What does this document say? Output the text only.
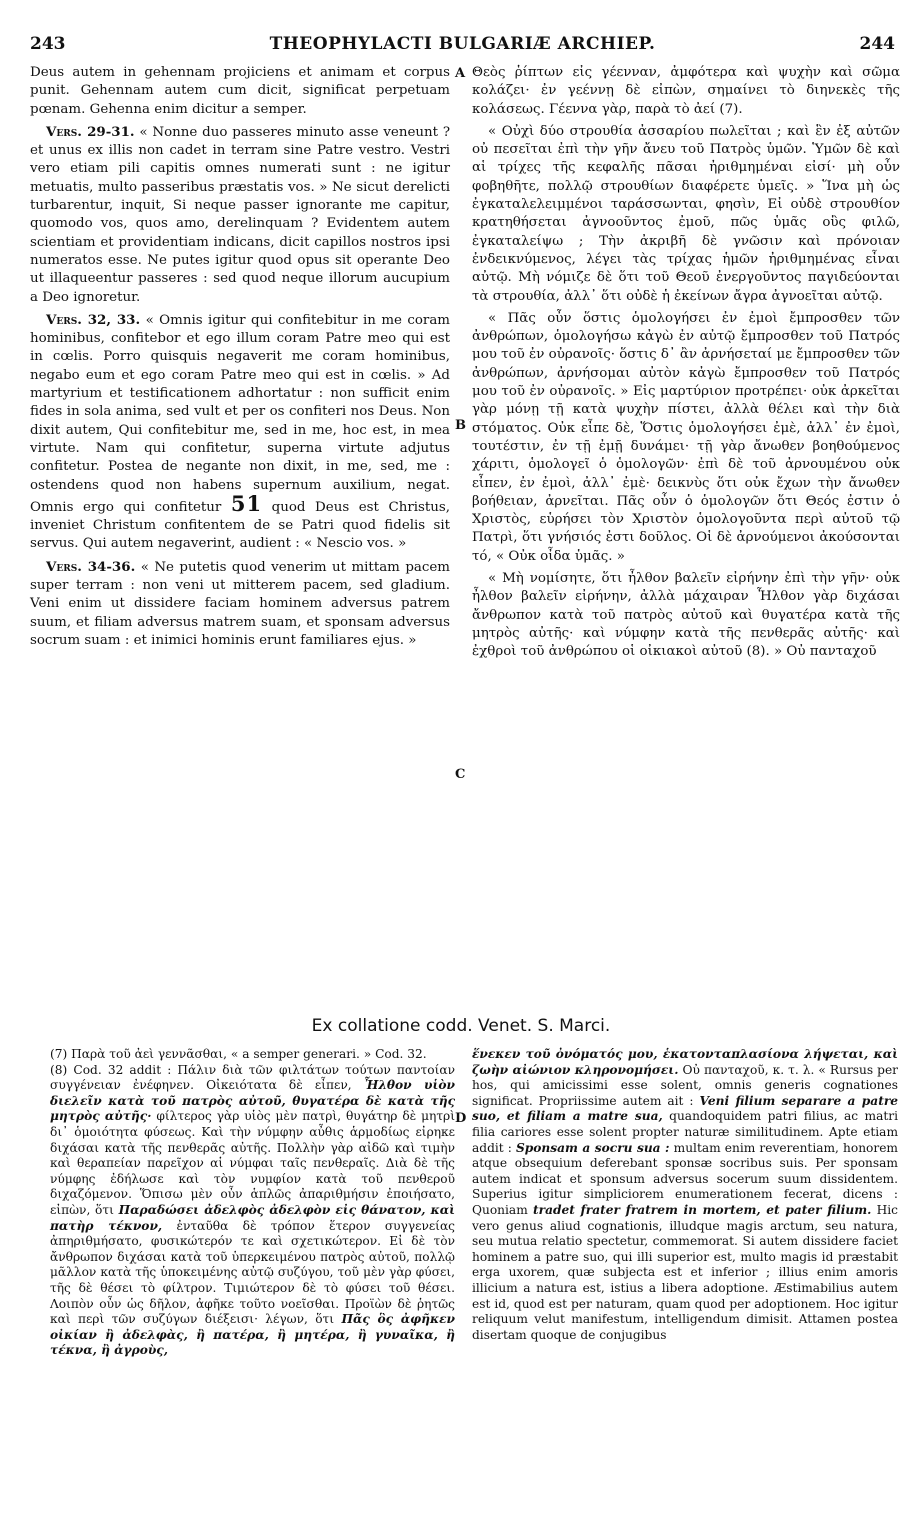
243	THEOPHYLACTI BULGARIÆ ARCHIEP.	244

Deus autem in gehennam projiciens et animam et corpus punit. Gehennam autem cum dicit, significat perpetuam pœnam. Gehenna enim dicitur a semper.

Vers. 29-31. « Nonne duo passeres minuto asse veneunt ? et unus ex illis non cadet in terram sine Patre vestro. Vestri vero etiam pili capitis omnes numerati sunt : ne igitur metuatis, multo passeribus præstatis vos. » Ne sicut derelicti turbarentur, inquit, Si neque passer ignorante me capitur, quomodo vos, quos amo, derelinquam ? Evidentem autem scientiam et providentiam indicans, dicit capillos nostros ipsi numeratos esse. Ne putes igitur quod opus sit operante Deo ut illaqueentur passeres : sed quod neque illorum aucupium a Deo ignoretur.

Vers. 32, 33. « Omnis igitur qui confitebitur in me coram hominibus, confitebor et ego illum coram Patre meo qui est in cœlis. Porro quisquis negaverit me coram hominibus, negabo eum et ego coram Patre meo qui est in cœlis. » Ad martyrium et testificationem adhortatur : non sufficit enim fides in sola anima, sed vult et per os confiteri nos Deus. Non dixit autem, Qui confitebitur me, sed in me, hoc est, in mea virtute. Nam qui confitetur, superna virtute adjutus confitetur. Postea de negante non dixit, in me, sed, me : ostendens quod non habens supernum auxilium, negat. Omnis ergo qui confitetur 51 quod Deus est Christus, inveniet Christum confitentem de se Patri quod fidelis sit servus. Qui autem negaverint, audient : « Nescio vos. »

Vers. 34-36. « Ne putetis quod venerim ut mittam pacem super terram : non veni ut mitterem pacem, sed gladium. Veni enim ut dissidere faciam hominem adversus patrem suum, et filiam adversus matrem suam, et sponsam adversus socrum suam : et inimici hominis erunt familiares ejus. »

A
B
C
D

Θεὸς ῥίπτων εἰς γέενναν, ἀμφότερα καὶ ψυχὴν καὶ σῶμα κολάζει· ἐν γεέννῃ δὲ εἰπὼν, σημαίνει τὸ διηνεκὲς τῆς κολάσεως. Γέεννα γὰρ, παρὰ τὸ ἀεί (7).

« Οὐχὶ δύο στρουθία ἀσσαρίου πωλεῖται ; καὶ ἓν ἐξ αὐτῶν οὐ πεσεῖται ἐπὶ τὴν γῆν ἄνευ τοῦ Πατρὸς ὑμῶν. Ὑμῶν δὲ καὶ αἱ τρίχες τῆς κεφαλῆς πᾶσαι ἠριθμημέναι εἰσί· μὴ οὖν φοβηθῆτε, πολλῷ στρουθίων διαφέρετε ὑμεῖς. » Ἵνα μὴ ὡς ἐγκαταλελειμμένοι ταράσσωνται, φησὶν, Εἰ οὐδὲ στρουθίον κρατηθήσεται ἀγνοοῦντος ἐμοῦ, πῶς ὑμᾶς οὓς φιλῶ, ἐγκαταλείψω ; Τὴν ἀκριβῆ δὲ γνῶσιν καὶ πρόνοιαν ἐνδεικνύμενος, λέγει τὰς τρίχας ἡμῶν ἠριθμημένας εἶναι αὐτῷ. Μὴ νόμιζε δὲ ὅτι τοῦ Θεοῦ ἐνεργοῦντος παγιδεύονται τὰ στρουθία, ἀλλ᾽ ὅτι οὐδὲ ἡ ἐκείνων ἄγρα ἀγνοεῖται αὐτῷ.

« Πᾶς οὖν ὅστις ὁμολογήσει ἐν ἐμοὶ ἔμπροσθεν τῶν ἀνθρώπων, ὁμολογήσω κἀγὼ ἐν αὐτῷ ἔμπροσθεν τοῦ Πατρός μου τοῦ ἐν οὐρανοῖς· ὅστις δ᾽ ἂν ἀρνήσεταί με ἔμπροσθεν τῶν ἀνθρώπων, ἀρνήσομαι αὐτὸν κἀγὼ ἔμπροσθεν τοῦ Πατρός μου τοῦ ἐν οὐρανοῖς. » Εἰς μαρτύριον προτρέπει· οὐκ ἀρκεῖται γὰρ μόνῃ τῇ κατὰ ψυχὴν πίστει, ἀλλὰ θέλει καὶ τὴν διὰ στόματος. Οὐκ εἶπε δὲ, Ὅστις ὁμολογήσει ἐμὲ, ἀλλ᾽ ἐν ἐμοὶ, τουτέστιν, ἐν τῇ ἐμῇ δυνάμει· τῇ γὰρ ἄνωθεν βοηθούμενος χάριτι, ὁμολογεῖ ὁ ὁμολογῶν· ἐπὶ δὲ τοῦ ἀρνουμένου οὐκ εἶπεν, ἐν ἐμοὶ, ἀλλ᾽ ἐμὲ· δεικνὺς ὅτι οὐκ ἔχων τὴν ἄνωθεν βοήθειαν, ἀρνεῖται. Πᾶς οὖν ὁ ὁμολογῶν ὅτι Θεός ἐστιν ὁ Χριστὸς, εὑρήσει τὸν Χριστὸν ὁμολογοῦντα περὶ αὐτοῦ τῷ Πατρὶ, ὅτι γνήσιός ἐστι δοῦλος. Οἱ δὲ ἀρνούμενοι ἀκούσονται τό, « Οὐκ οἶδα ὑμᾶς. »

« Μὴ νομίσητε, ὅτι ἦλθον βαλεῖν εἰρήνην ἐπὶ τὴν γῆν· οὐκ ἦλθον βαλεῖν εἰρήνην, ἀλλὰ μάχαιραν Ἦλθον γὰρ διχάσαι ἄνθρωπον κατὰ τοῦ πατρὸς αὐτοῦ καὶ θυγατέρα κατὰ τῆς μητρὸς αὐτῆς· καὶ νύμφην κατὰ τῆς πενθερᾶς αὐτῆς· καὶ ἐχθροὶ τοῦ ἀνθρώπου οἱ οἰκιακοὶ αὐτοῦ (8). » Οὐ πανταχοῦ

Ex collatione codd. Venet. S. Marci.

(7) Παρὰ τοῦ ἀεὶ γεννᾶσθαι, « a semper generari. » Cod. 32.

(8) Cod. 32 addit : Πάλιν διὰ τῶν φιλτάτων τούτων παντοίαν συγγένειαν ἐνέφηνεν. Οἰκειότατα δὲ εἶπεν, Ἦλθον υἱὸν διελεῖν κατὰ τοῦ πατρὸς αὐτοῦ, θυγατέρα δὲ κατὰ τῆς μητρὸς αὐτῆς· φίλτερος γὰρ υἱὸς μὲν πατρὶ, θυγάτηρ δὲ μητρὶ δι᾽ ὁμοιότητα φύσεως. Καὶ τὴν νύμφην αὖθις ἁρμοδίως εἰρηκε διχάσαι κατὰ τῆς πενθερᾶς αὐτῆς. Πολλὴν γὰρ αἰδῶ καὶ τιμὴν καὶ θεραπείαν παρεῖχον αἱ νύμφαι ταῖς πενθεραῖς. Διὰ δὲ τῆς νύμφης ἐδήλωσε καὶ τὸν νυμφίον κατὰ τοῦ πενθεροῦ διχαζόμενον. Ὅπισω μὲν οὖν ἁπλῶς ἀπαριθμήσιν ἐποιήσατο, εἰπὼν, ὅτι Παραδώσει ἀδελφὸς ἀδελφὸν εἰς θάνατον, καὶ πατὴρ τέκνον, ἐνταῦθα δὲ τρόπον ἕτερον συγγενείας ἀπηριθμήσατο, φυσικώτερόν τε καὶ σχετικώτερον. Εἰ δὲ τὸν ἄνθρωπον διχάσαι κατὰ τοῦ ὑπερκειμένου πατρὸς αὐτοῦ, πολλῷ μᾶλλον κατὰ τῆς ὑποκειμένης αὐτῷ συζύγου, τοῦ μὲν γὰρ φύσει, τῆς δὲ θέσει τὸ φίλτρον. Τιμιώτερον δὲ τὸ φύσει τοῦ θέσει. Λοιπὸν οὖν ὡς δῆλον, ἀφῆκε τοῦτο νοεῖσθαι. Προϊὼν δὲ ῥητῶς καὶ περὶ τῶν συζύγων διέξεισι· λέγων, ὅτι Πᾶς ὃς ἀφῆκεν οἰκίαν ἢ ἀδελφὰς, ἢ πατέρα, ἢ μητέρα, ἢ γυναῖκα, ἢ τέκνα, ἢ ἀγροὺς,

ἕνεκεν τοῦ ὀνόματός μου, ἑκατονταπλασίονα λήψεται, καὶ ζωὴν αἰώνιον κληρονομήσει. Οὐ πανταχοῦ, κ. τ. λ. « Rursus per hos, qui amicissimi esse solent, omnis generis cognationes significat. Propriissime autem ait : Veni filium separare a patre suo, et filiam a matre sua, quandoquidem patri filius, ac matri filia cariores esse solent propter naturæ similitudinem. Apte etiam addit : Sponsam a socru sua : multam enim reverentiam, honorem atque obsequium deferebant sponsæ socribus suis. Per sponsam autem indicat et sponsum adversus socerum suum dissidentem. Superius igitur simpliciorem enumerationem fecerat, dicens : Quoniam tradet frater fratrem in mortem, et pater filium. Hic vero genus aliud cognationis, illudque magis arctum, seu natura, seu mutua relatio spectetur, commemorat. Si autem dissidere faciet hominem a patre suo, qui illi superior est, multo magis id præstabit erga uxorem, quæ subjecta est et inferior ; illius enim amoris illicium a natura est, istius a libera adoptione. Æstimabilius autem est id, quod est per naturam, quam quod per adoptionem. Hoc igitur reliquum velut manifestum, intelligendum dimisit. Attamen postea disertam quoque de conjugibus
